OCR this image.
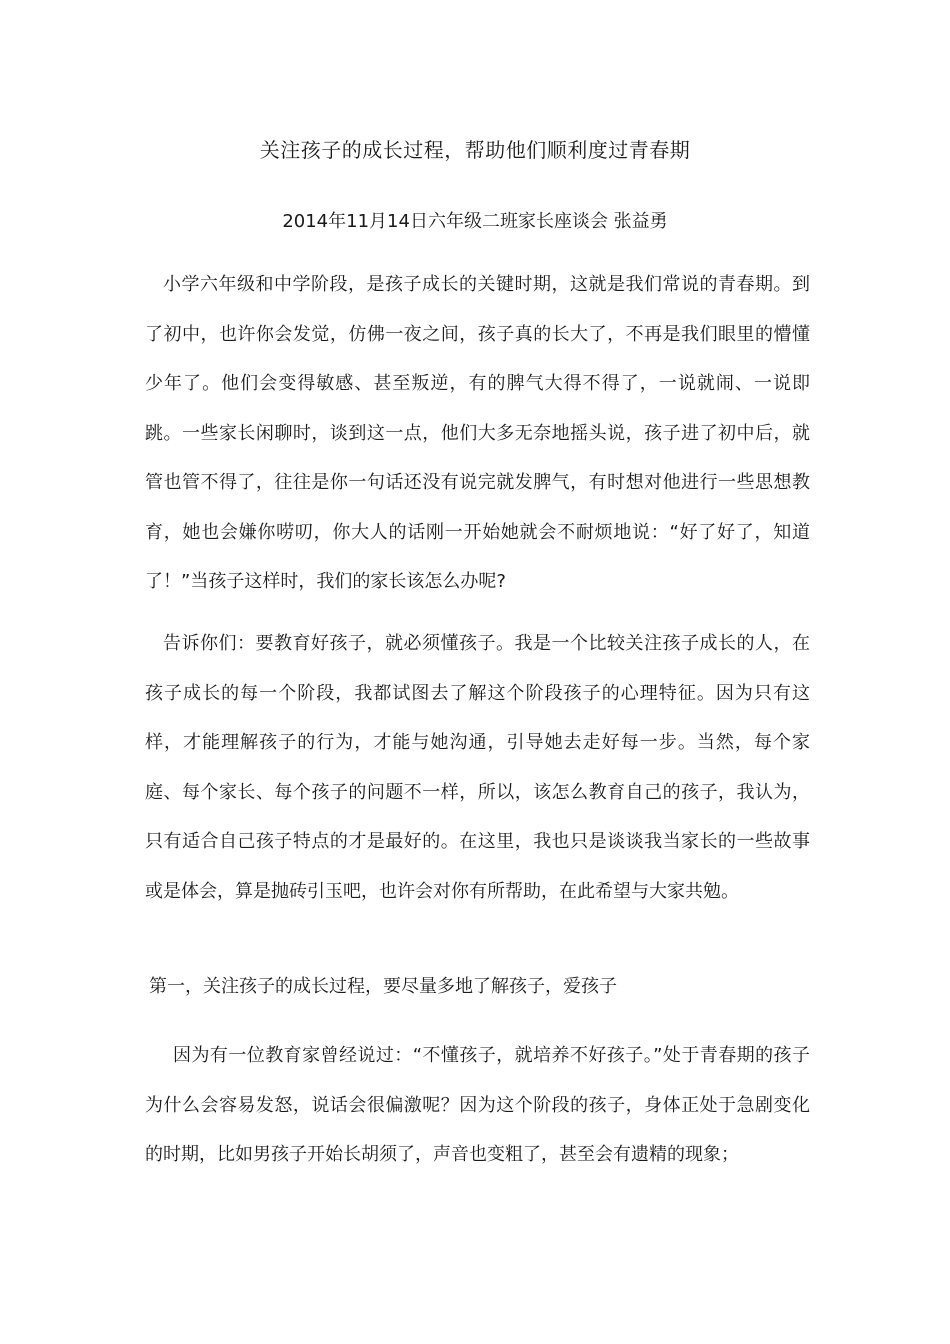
关注孩子的成长过程，帮助他们顺利度过青春期
2014年11月14日六年级二班家长座谈会 张益勇

小学六年级和中学阶段，是孩子成长的关键时期，这就是我们常说的青春期。到了初中，也许你会发觉，仿佛一夜之间，孩子真的长大了，不再是我们眼里的懵懂少年了。他们会变得敏感、甚至叛逆，有的脾气大得不得了，一说就闹、一说即跳。一些家长闲聊时，谈到这一点，他们大多无奈地摇头说，孩子进了初中后，就管也管不得了，往往是你一句话还没有说完就发脾气，有时想对他进行一些思想教育，她也会嫌你唠叨，你大人的话刚一开始她就会不耐烦地说：“好了好了，知道了！”当孩子这样时，我们的家长该怎么办呢?

告诉你们：要教育好孩子，就必须懂孩子。我是一个比较关注孩子成长的人，在孩子成长的每一个阶段，我都试图去了解这个阶段孩子的心理特征。因为只有这样，才能理解孩子的行为，才能与她沟通，引导她去走好每一步。当然，每个家庭、每个家长、每个孩子的问题不一样，所以，该怎么教育自己的孩子，我认为，只有适合自己孩子特点的才是最好的。在这里，我也只是谈谈我当家长的一些故事或是体会，算是抛砖引玉吧，也许会对你有所帮助，在此希望与大家共勉。

第一，关注孩子的成长过程，要尽量多地了解孩子，爱孩子

因为有一位教育家曾经说过：“不懂孩子，就培养不好孩子。”处于青春期的孩子为什么会容易发怒，说话会很偏激呢？因为这个阶段的孩子，身体正处于急剧变化的时期，比如男孩子开始长胡须了，声音也变粗了，甚至会有遗精的现象；
